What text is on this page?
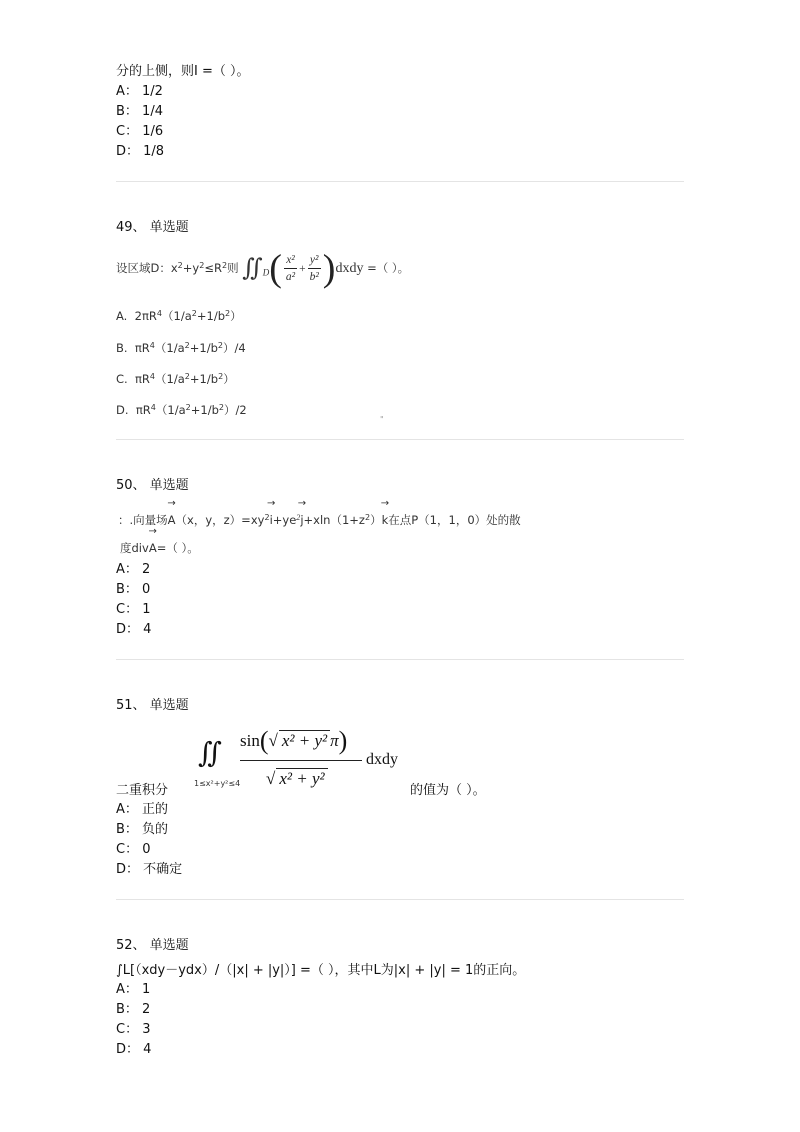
分的上侧，则I =（ ）。
A： 1/2
B： 1/4
C： 1/6
D： 1/8
49、 单选题
设区域D：$x^2+y^2\le R^2$则 $∬_D( \frac{\text{x²}}{\text{a²}} + \frac{\text{y²}}{\text{b²}}$ )dxdy =（ ）。
A. $2\pi R^4(1/a^2+1/b^2)$
B. $\pi R^4(1/a^2+1/b^2)/4$
C. $\pi R^4(1/a^2+1/b^2)$
D. $\pi R^4(1/a^2+1/b^2)/2$
"
50、 单选题
：.向量场→ A（x，y，$z)=xy^2\to i+ye^2\to j+xln(1+z^2)\to k$在点P（1，1，0）处的散
度div→ A=（ ）。
A： 2
B： 0
C： 1
D： 4
51、 单选题
∬
1≤x²+y²≤4
sin(√ x² + y² π)
√ x² + y²
dxdy
二重积分	的值为（ ）。
A： 正的
B： 负的
C： 0
D： 不确定
52、 单选题
∫L[（xdy－ydx）/（|x| + |y|）] =（ ），其中L为|x| + |y| = 1的正向。
A： 1
B： 2
C： 3
D： 4
